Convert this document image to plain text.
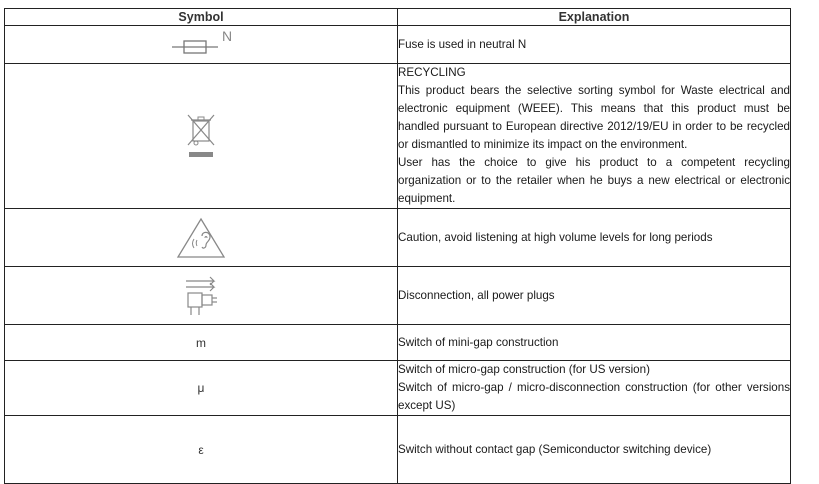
Symbol	Explanation

N	Fuse is used in neutral N

RECYCLING
This product bears the selective sorting symbol for Waste electrical and electronic equipment (WEEE). This means that this product must be handled pursuant to European directive 2012/19/EU in order to be recycled or dismantled to minimize its impact on the environment.
User has the choice to give his product to a competent recycling organization or to the retailer when he buys a new electrical or electronic equipment.

Caution, avoid listening at high volume levels for long periods

Disconnection, all power plugs

m	Switch of mini-gap construction

μ	Switch of micro-gap construction (for US version)
Switch of micro-gap / micro-disconnection construction (for other versions except US)

ε	Switch without contact gap (Semiconductor switching device)
